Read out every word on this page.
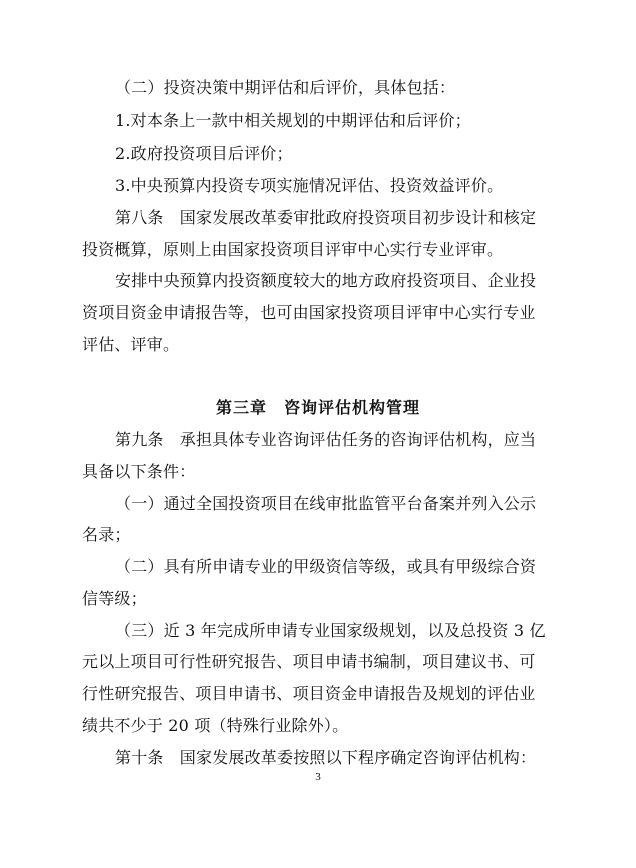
（二）投资决策中期评估和后评价，具体包括：
1.对本条上一款中相关规划的中期评估和后评价；
2.政府投资项目后评价；
3.中央预算内投资专项实施情况评估、投资效益评价。
第八条　国家发展改革委审批政府投资项目初步设计和核定
投资概算，原则上由国家投资项目评审中心实行专业评审。
安排中央预算内投资额度较大的地方政府投资项目、企业投
资项目资金申请报告等，也可由国家投资项目评审中心实行专业
评估、评审。
第三章　咨询评估机构管理
第九条　承担具体专业咨询评估任务的咨询评估机构，应当
具备以下条件：
（一）通过全国投资项目在线审批监管平台备案并列入公示
名录；
（二）具有所申请专业的甲级资信等级，或具有甲级综合资
信等级；
（三）近 3 年完成所申请专业国家级规划，以及总投资 3 亿
元以上项目可行性研究报告、项目申请书编制，项目建议书、可
行性研究报告、项目申请书、项目资金申请报告及规划的评估业
绩共不少于 20 项（特殊行业除外）。
第十条　国家发展改革委按照以下程序确定咨询评估机构：
3
